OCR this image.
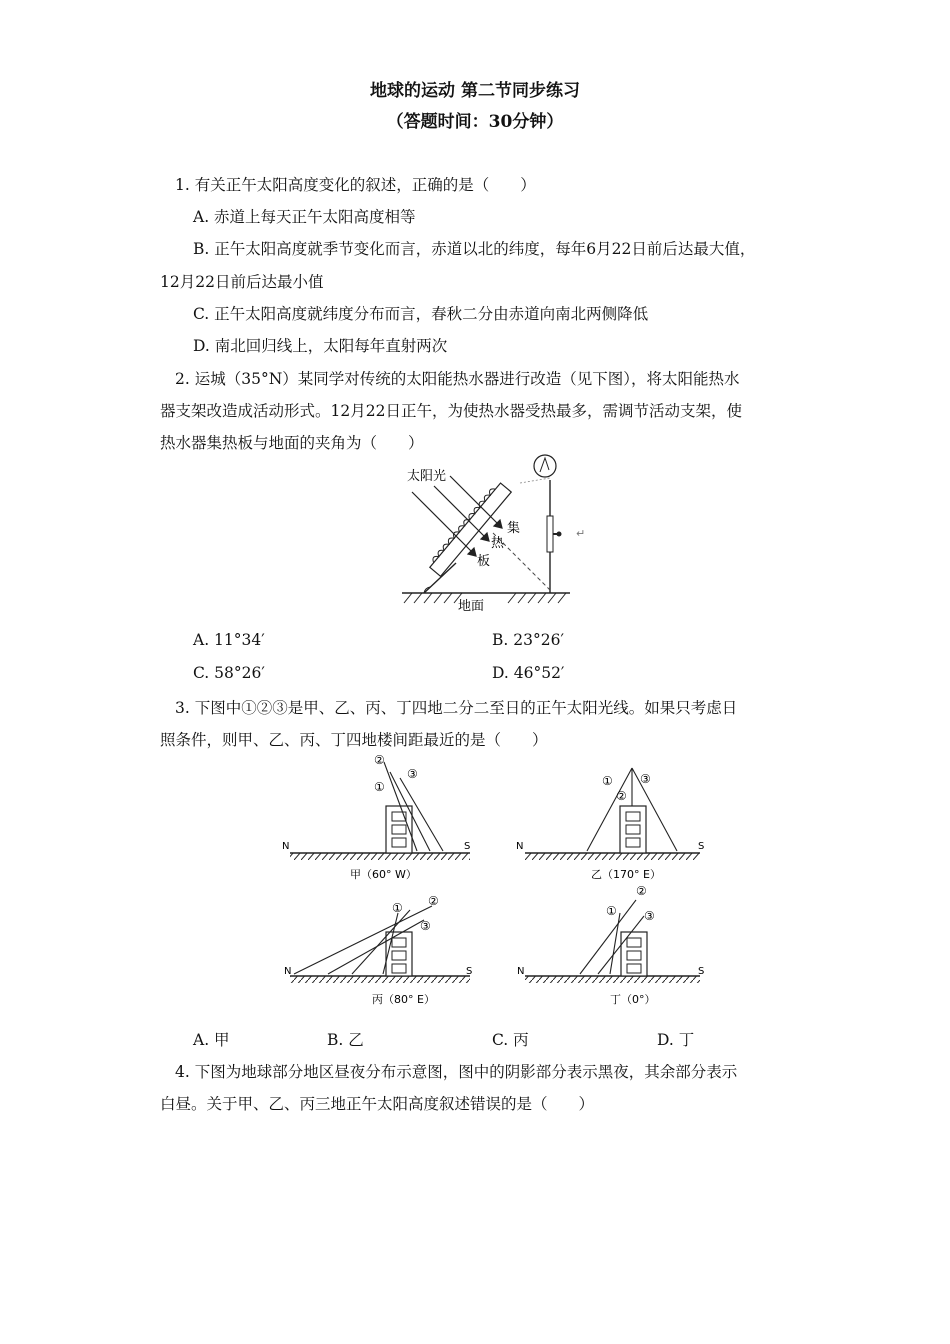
地球的运动 第二节同步练习
（答题时间：30分钟）
1. 有关正午太阳高度变化的叙述，正确的是（　　）
A. 赤道上每天正午太阳高度相等
B. 正午太阳高度就季节变化而言，赤道以北的纬度，每年6月22日前后达最大值，
12月22日前后达最小值
C. 正午太阳高度就纬度分布而言，春秋二分由赤道向南北两侧降低
D. 南北回归线上，太阳每年直射两次
2. 运城（35°N）某同学对传统的太阳能热水器进行改造（见下图），将太阳能热水
器支架改造成活动形式。12月22日正午，为使热水器受热最多，需调节活动支架，使
热水器集热板与地面的夹角为（　　）
地面
太阳光
集
热
板
↵
A. 11°34′	B. 23°26′
C. 58°26′	D. 46°52′
3. 下图中①②③是甲、乙、丙、丁四地二分二至日的正午太阳光线。如果只考虑日
照条件，则甲、乙、丙、丁四地楼间距最近的是（　　）
N	S
①
②
③
甲（60° W）
N	S
①
②
③
乙（170° E）
N	S
① ②
③
丙（80° E）
N	S
①
②
③
丁（0°）
A. 甲	B. 乙	C. 丙	D. 丁
4. 下图为地球部分地区昼夜分布示意图，图中的阴影部分表示黑夜，其余部分表示
白昼。关于甲、乙、丙三地正午太阳高度叙述错误的是（　　）
